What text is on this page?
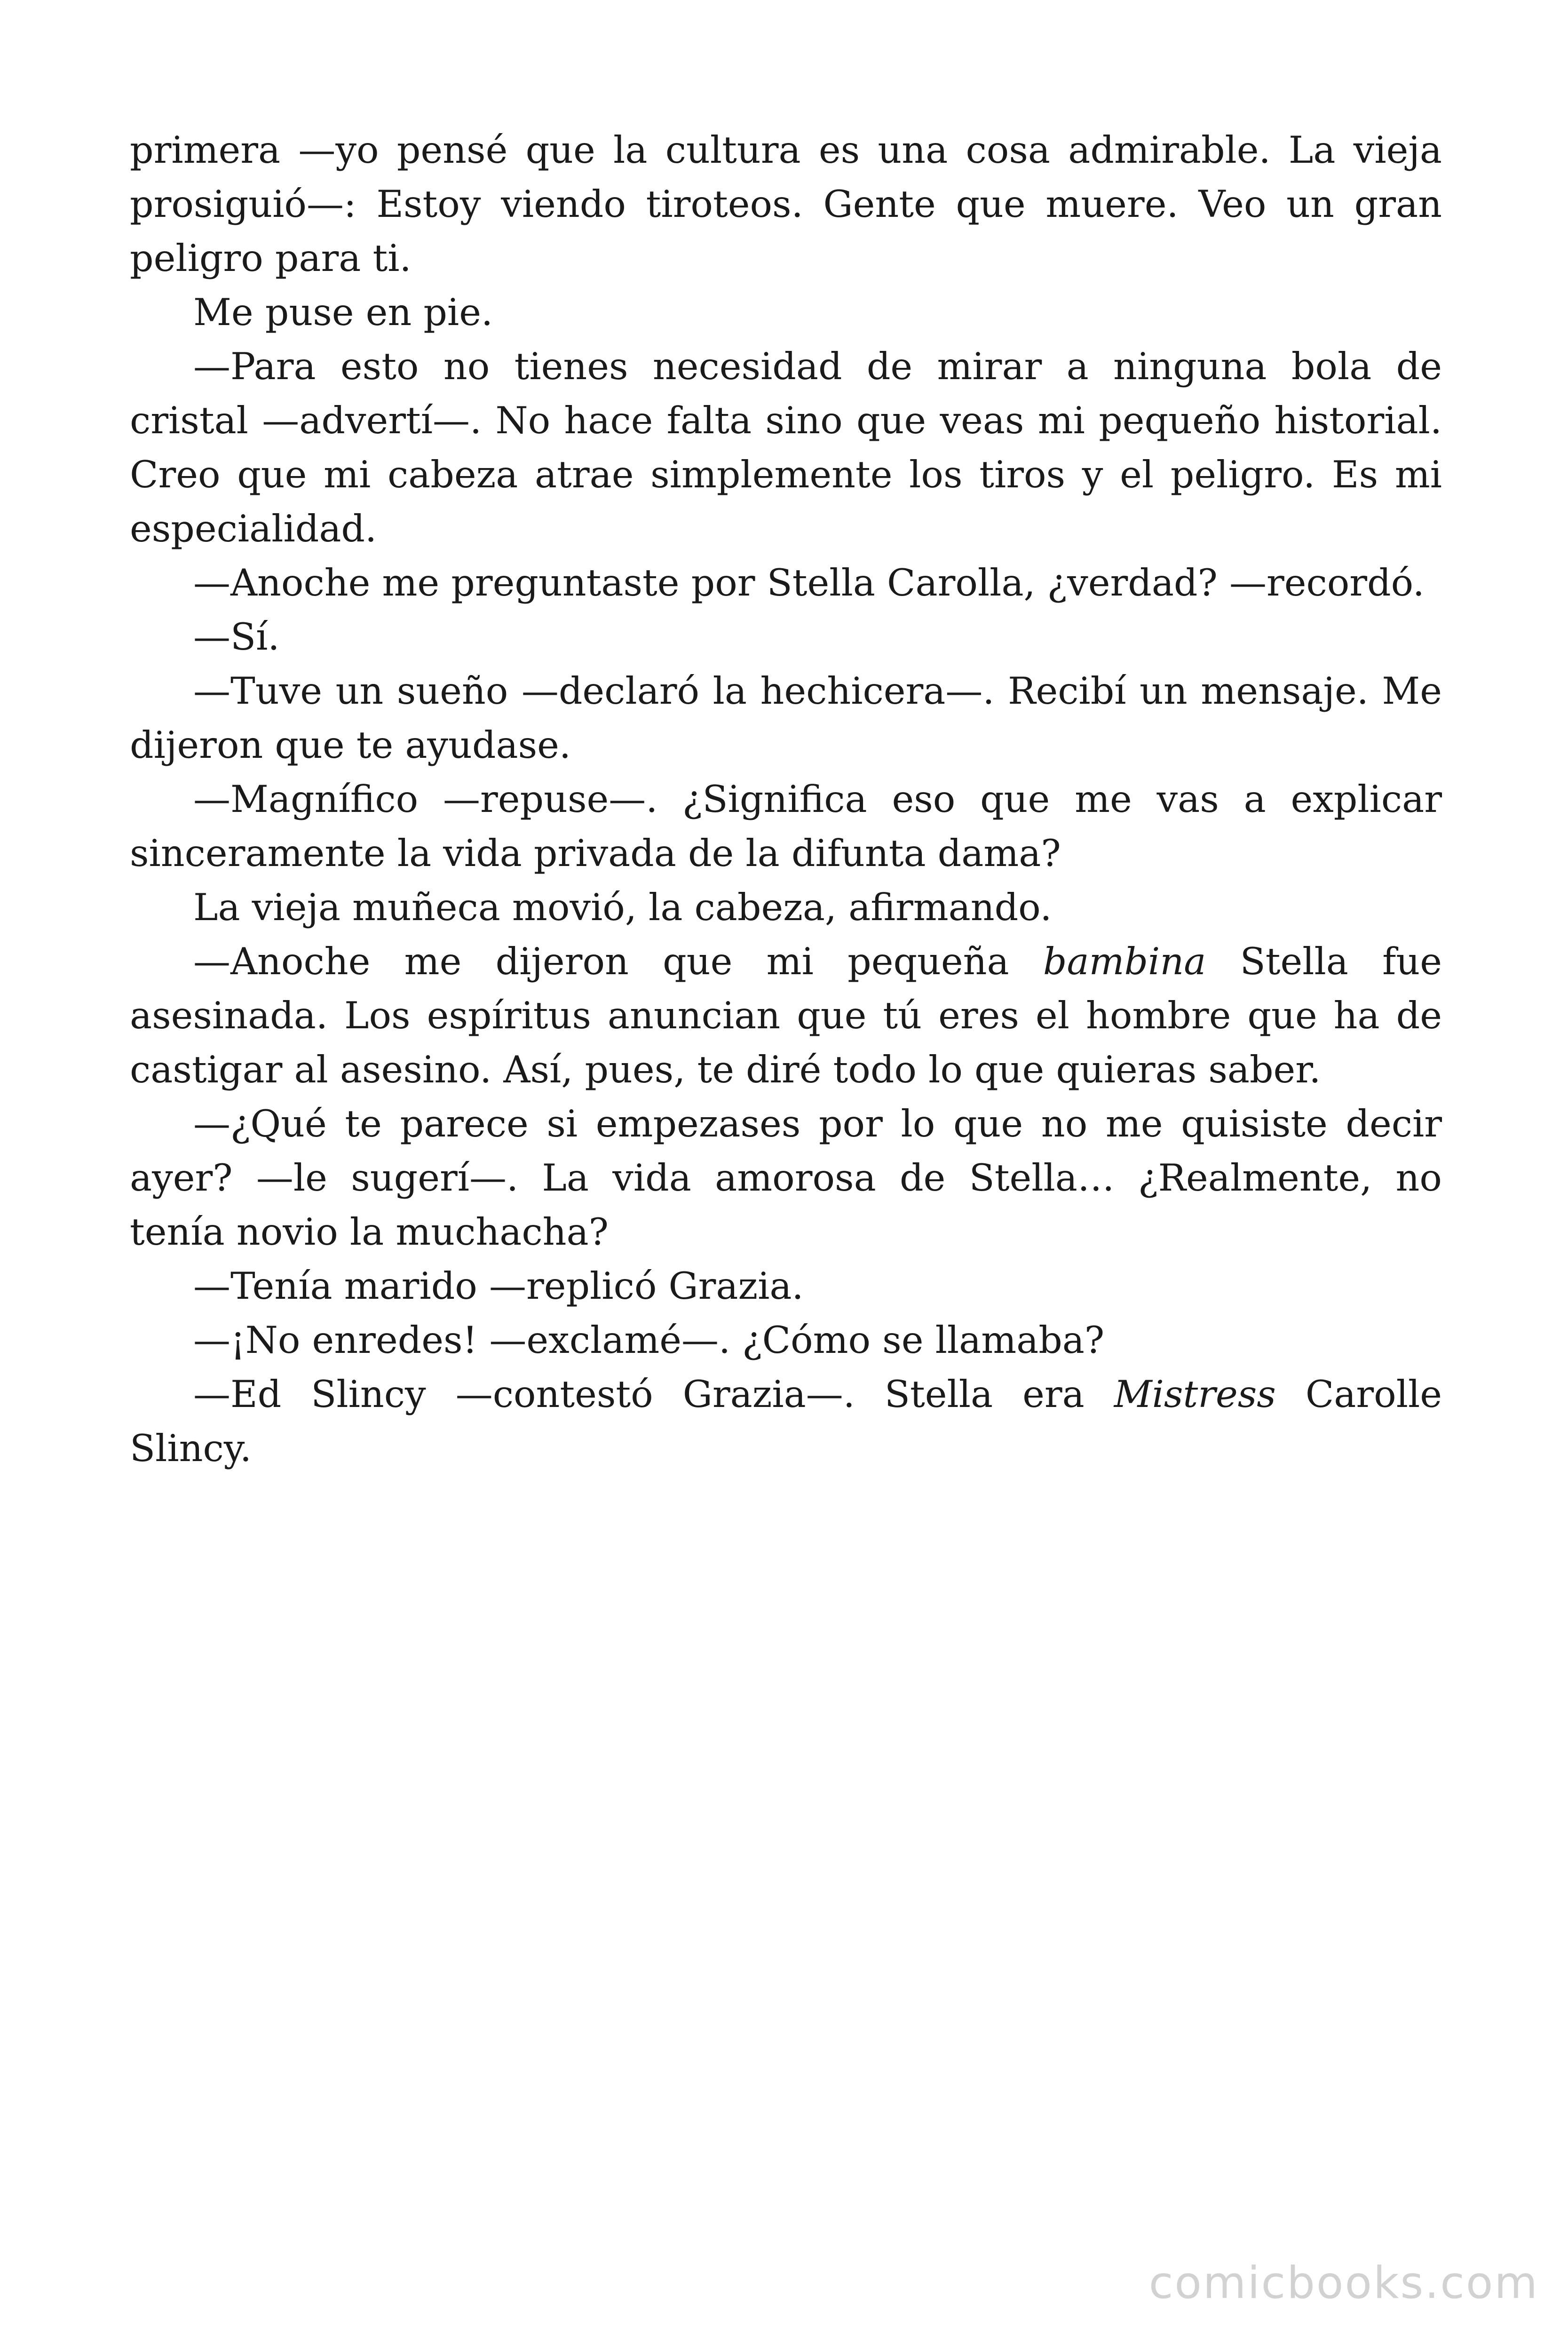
primera —yo pensé que la cultura es una cosa admirable. La vieja prosiguió—: Estoy viendo tiroteos. Gente que muere. Veo un gran peligro para ti.

Me puse en pie.

—Para esto no tienes necesidad de mirar a ninguna bola de cristal —advertí—. No hace falta sino que veas mi pequeño historial. Creo que mi cabeza atrae simplemente los tiros y el peligro. Es mi especialidad.

—Anoche me preguntaste por Stella Carolla, ¿verdad? —recordó.

—Sí.

—Tuve un sueño —declaró la hechicera—. Recibí un mensaje. Me dijeron que te ayudase.

—Magnífico —repuse—. ¿Significa eso que me vas a explicar sinceramente la vida privada de la difunta dama?

La vieja muñeca movió, la cabeza, afirmando.

—Anoche me dijeron que mi pequeña bambina Stella fue asesinada. Los espíritus anuncian que tú eres el hombre que ha de castigar al asesino. Así, pues, te diré todo lo que quieras saber.

—¿Qué te parece si empezases por lo que no me quisiste decir ayer? —le sugerí—. La vida amorosa de Stella… ¿Realmente, no tenía novio la muchacha?

—Tenía marido —replicó Grazia.

—¡No enredes! —exclamé—. ¿Cómo se llamaba?

—Ed Slincy —contestó Grazia—. Stella era Mistress Carolle Slincy.

comicbooks.com
